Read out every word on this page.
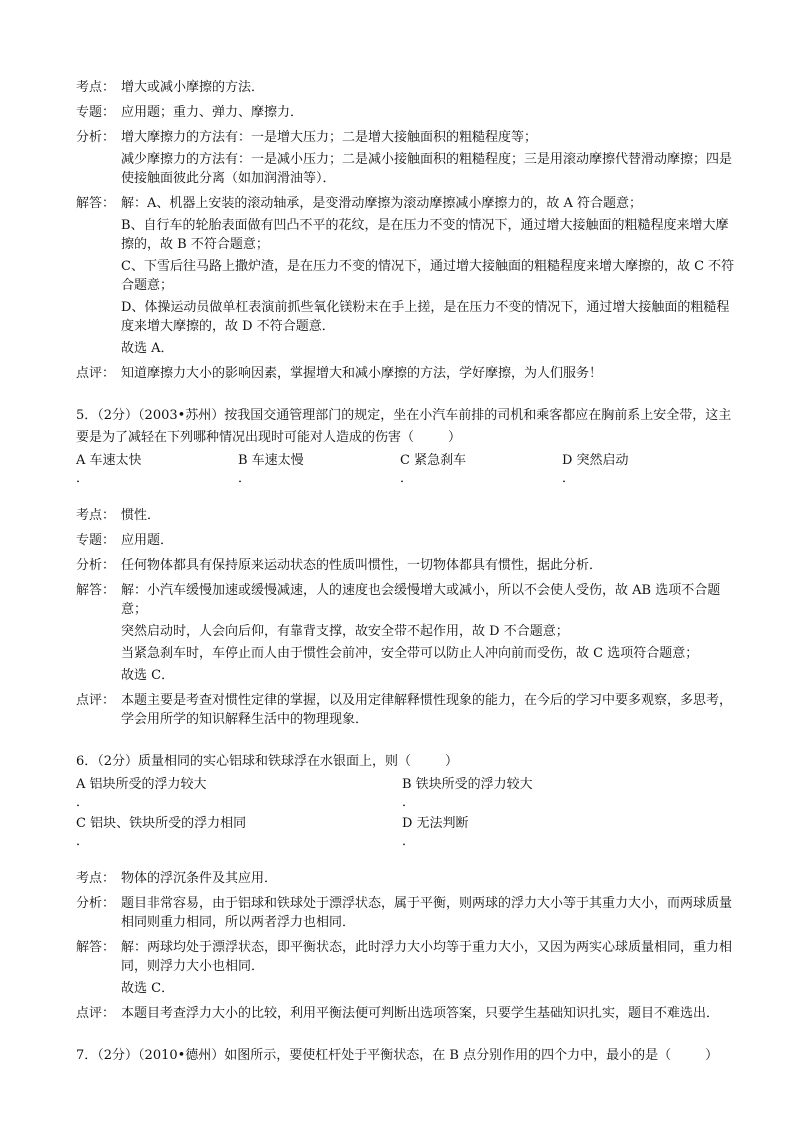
考点： 增大或减小摩擦的方法．

专题： 应用题；重力、弹力、摩擦力．

分析： 增大摩擦力的方法有：一是增大压力；二是增大接触面积的粗糙程度等；

减少摩擦力的方法有：一是减小压力；二是减小接触面积的粗糙程度；三是用滚动摩擦代替滑动摩擦；四是使接触面彼此分离（如加润滑油等）．

解答： 解：A、机器上安装的滚动轴承，是变滑动摩擦为滚动摩擦减小摩擦力的，故 A 符合题意；

B、自行车的轮胎表面做有凹凸不平的花纹，是在压力不变的情况下，通过增大接触面的粗糙程度来增大摩擦的，故 B 不符合题意；

C、下雪后往马路上撒炉渣，是在压力不变的情况下，通过增大接触面的粗糙程度来增大摩擦的，故 C 不符合题意；

D、体操运动员做单杠表演前抓些氧化镁粉末在手上搓，是在压力不变的情况下，通过增大接触面的粗糙程度来增大摩擦的，故 D 不符合题意．

故选 A．

点评： 知道摩擦力大小的影响因素，掌握增大和减小摩擦的方法，学好摩擦，为人们服务！

5．（2分）（2003•苏州）按我国交通管理部门的规定，坐在小汽车前排的司机和乘客都应在胸前系上安全带，这主要是为了减轻在下列哪种情况出现时可能对人造成的伤害（	）

A 车速太快
．
B 车速太慢
．
C 紧急刹车
．
D 突然启动
．
考点： 惯性．

专题： 应用题．

分析： 任何物体都具有保持原来运动状态的性质叫惯性，一切物体都具有惯性，据此分析．

解答： 解：小汽车缓慢加速或缓慢减速，人的速度也会缓慢增大或减小，所以不会使人受伤，故 AB 选项不合题意；

突然启动时，人会向后仰，有靠背支撑，故安全带不起作用，故 D 不合题意；

当紧急刹车时，车停止而人由于惯性会前冲，安全带可以防止人冲向前而受伤，故 C 选项符合题意；

故选 C．

点评： 本题主要是考查对惯性定律的掌握，以及用定律解释惯性现象的能力，在今后的学习中要多观察，多思考，学会用所学的知识解释生活中的物理现象．

6．（2分）质量相同的实心铝球和铁球浮在水银面上，则（	）

A 铝块所受的浮力较大
．
B 铁块所受的浮力较大
．
C 铝块、铁块所受的浮力相同
．
D 无法判断
．
考点： 物体的浮沉条件及其应用．

分析： 题目非常容易，由于铝球和铁球处于漂浮状态，属于平衡，则两球的浮力大小等于其重力大小，而两球质量相同则重力相同，所以两者浮力也相同．

解答： 解：两球均处于漂浮状态，即平衡状态，此时浮力大小均等于重力大小，又因为两实心球质量相同，重力相同，则浮力大小也相同．

故选 C．

点评： 本题目考查浮力大小的比较，利用平衡法便可判断出选项答案，只要学生基础知识扎实，题目不难选出．

7．（2分）（2010•德州）如图所示，要使杠杆处于平衡状态，在 B 点分别作用的四个力中，最小的是（	）
